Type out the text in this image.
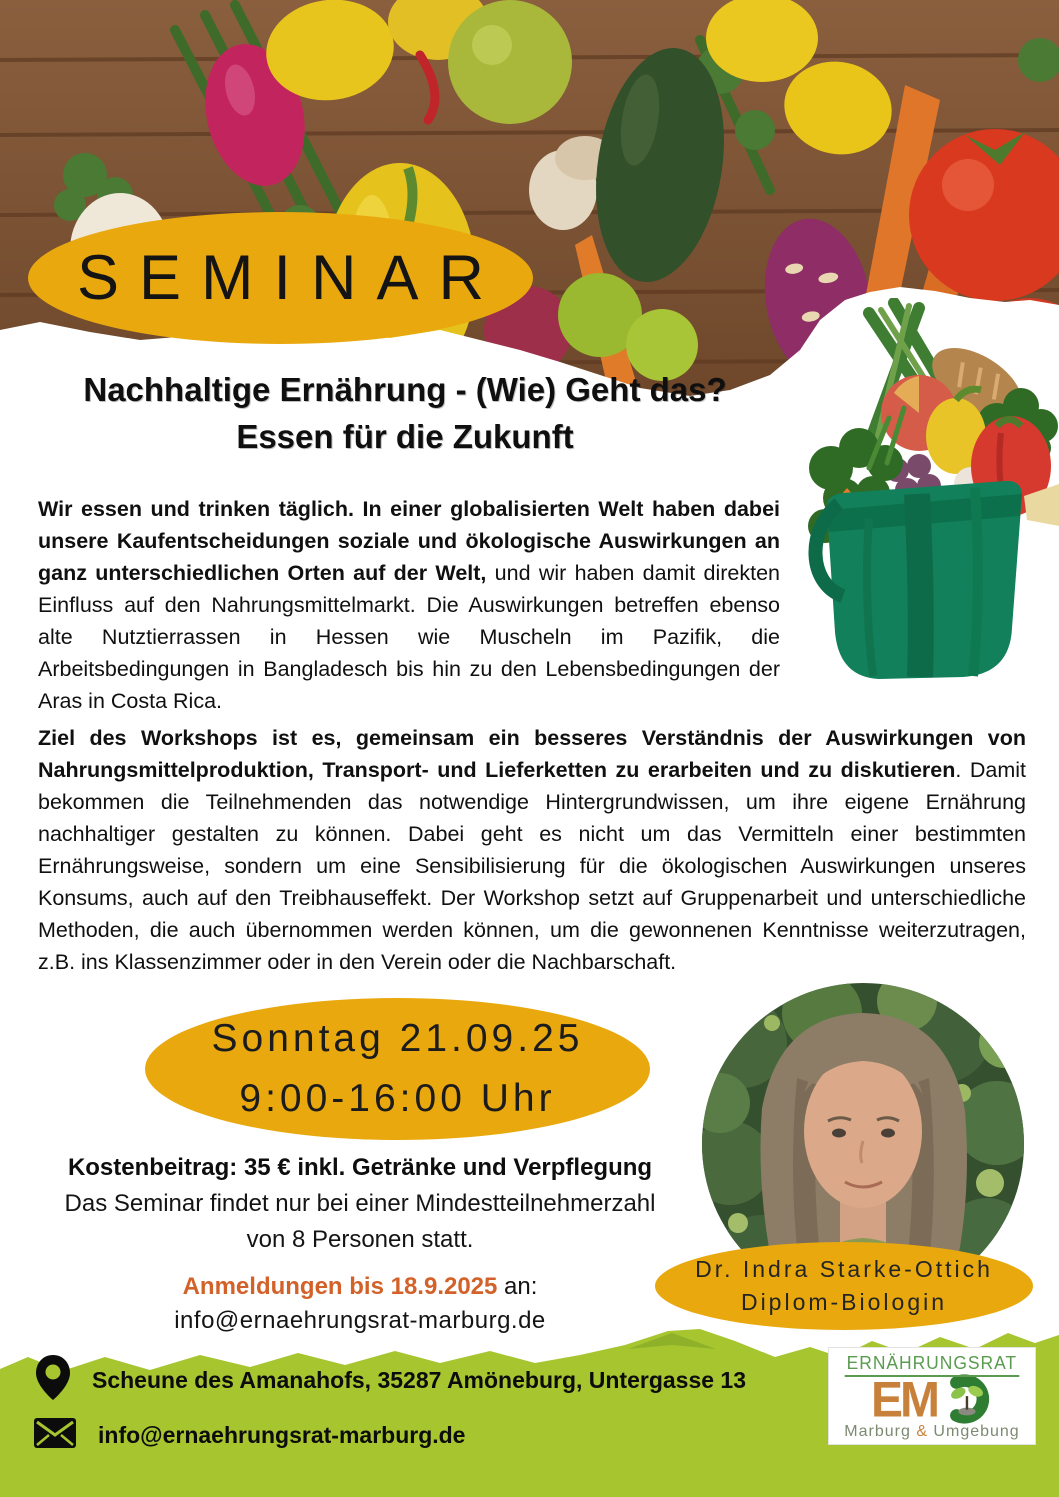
SEMINAR
Nachhaltige Ernährung - (Wie) Geht das?
Essen für die Zukunft

Wir essen und trinken täglich. In einer globalisierten Welt haben dabei unsere Kaufentscheidungen soziale und ökologische Auswirkungen an ganz unterschiedlichen Orten auf der Welt, und wir haben damit direkten Einfluss auf den Nahrungsmittelmarkt. Die Auswirkungen betreffen ebenso alte Nutztierrassen in Hessen wie Muscheln im Pazifik, die Arbeitsbedingungen in Bangladesch bis hin zu den Lebensbedingungen der Aras in Costa Rica.

Ziel des Workshops ist es, gemeinsam ein besseres Verständnis der Auswirkungen von Nahrungsmittelproduktion, Transport- und Lieferketten zu erarbeiten und zu diskutieren. Damit bekommen die Teilnehmenden das notwendige Hintergrundwissen, um ihre eigene Ernährung nachhaltiger gestalten zu können. Dabei geht es nicht um das Vermitteln einer bestimmten Ernährungsweise, sondern um eine Sensibilisierung für die ökologischen Auswirkungen unseres Konsums, auch auf den Treibhauseffekt. Der Workshop setzt auf Gruppenarbeit und unterschiedliche Methoden, die auch übernommen werden können, um die gewonnenen Kenntnisse weiterzutragen, z.B. ins Klassenzimmer oder in den Verein oder die Nachbarschaft.

Sonntag 21.09.25
9:00-16:00 Uhr
Kostenbeitrag: 35 € inkl. Getränke und Verpflegung
Das Seminar findet nur bei einer Mindestteilnehmerzahl
von 8 Personen statt.
Anmeldungen bis 18.9.2025 an:
info@ernaehrungsrat-marburg.de
Dr. Indra Starke-Ottich
Diplom-Biologin
Scheune des Amanahofs, 35287 Amöneburg, Untergasse 13
info@ernaehrungsrat-marburg.de
ERNÄHRUNGSRAT
EM
Marburg & Umgebung
